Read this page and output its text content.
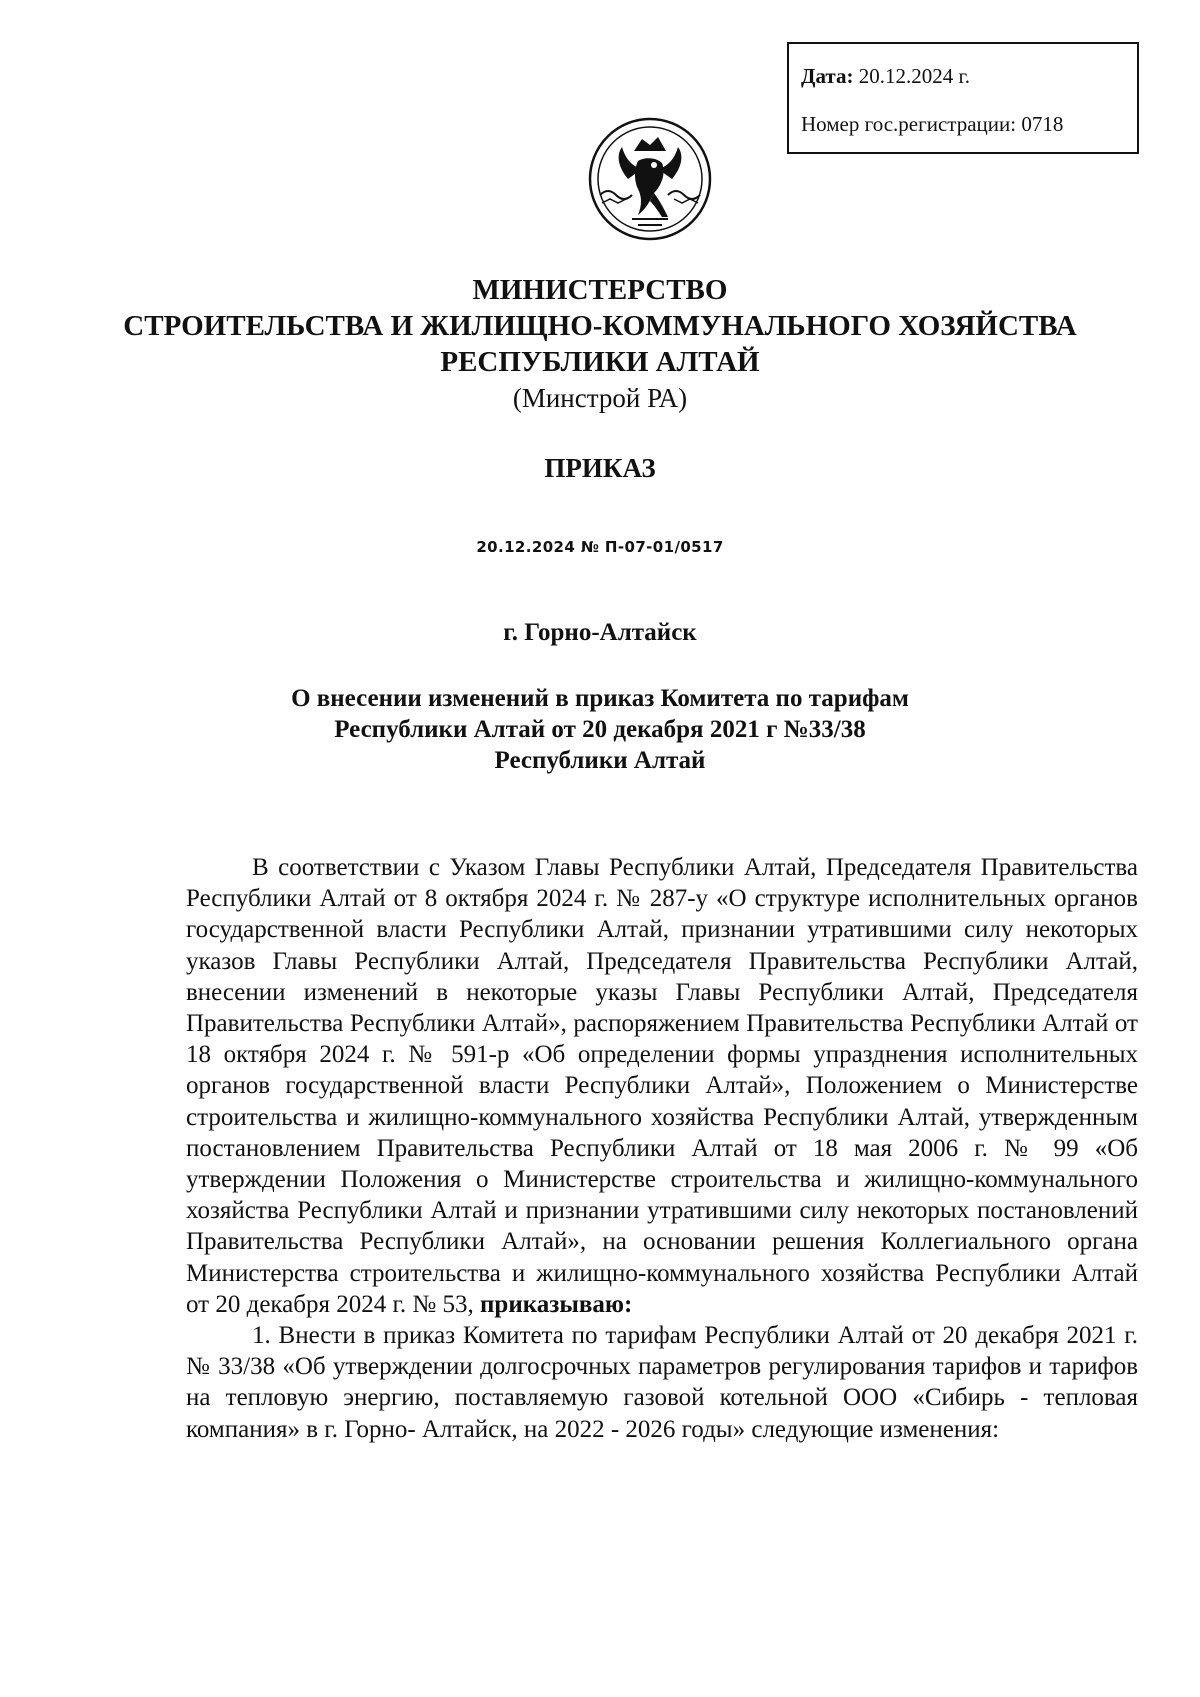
Дата: 20.12.2024 г.
Номер гос.регистрации: 0718
МИНИСТЕРСТВО
СТРОИТЕЛЬСТВА И ЖИЛИЩНО-КОММУНАЛЬНОГО ХОЗЯЙСТВА
РЕСПУБЛИКИ АЛТАЙ
(Минстрой РА)
ПРИКАЗ
20.12.2024 № П-07-01/0517
г. Горно-Алтайск
О внесении изменений в приказ Комитета по тарифам
Республики Алтай от 20 декабря 2021 г №33/38
Республики Алтай

В соответствии с Указом Главы Республики Алтай, Председателя Правительства Республики Алтай от 8 октября 2024 г. № 287-у «О структуре исполнительных органов государственной власти Республики Алтай, признании утратившими силу некоторых указов Главы Республики Алтай, Председателя Правительства Республики Алтай, внесении изменений в некоторые указы Главы Республики Алтай, Председателя Правительства Республики Алтай», распоряжением Правительства Республики Алтай от 18 октября 2024 г. № 591-р «Об определении формы упразднения исполнительных органов государственной власти Республики Алтай», Положением о Министерстве строительства и жилищно-коммунального хозяйства Республики Алтай, утвержденным постановлением Правительства Республики Алтай от 18 мая 2006 г. № 99 «Об утверждении Положения о Министерстве строительства и жилищно-коммунального хозяйства Республики Алтай и признании утратившими силу некоторых постановлений Правительства Республики Алтай», на основании решения Коллегиального органа Министерства строительства и жилищно-коммунального хозяйства Республики Алтай от 20 декабря 2024 г. № 53, приказываю:

1. Внести в приказ Комитета по тарифам Республики Алтай от 20 декабря 2021 г. № 33/38 «Об утверждении долгосрочных параметров регулирования тарифов и тарифов на тепловую энергию, поставляемую газовой котельной ООО «Сибирь - тепловая компания» в г. Горно- Алтайск, на 2022 - 2026 годы» следующие изменения:
